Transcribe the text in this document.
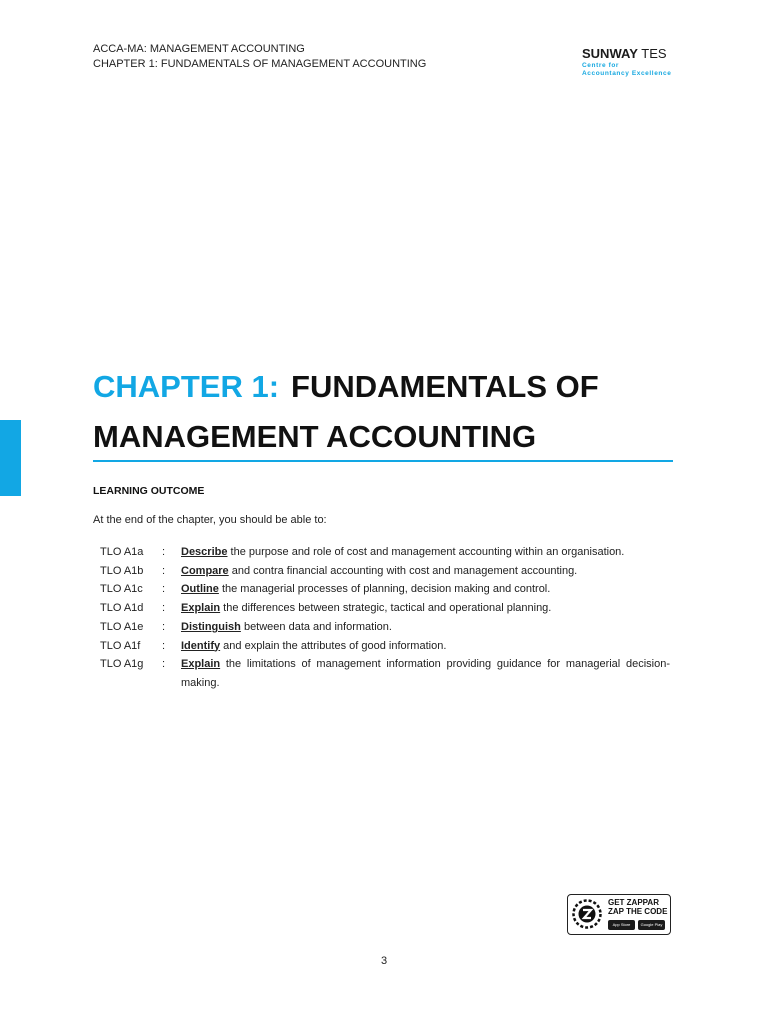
ACCA-MA: MANAGEMENT ACCOUNTING
CHAPTER 1: FUNDAMENTALS OF MANAGEMENT ACCOUNTING
SUNWAY TES
Centre for
Accountancy Excellence
CHAPTER 1: FUNDAMENTALS OF
MANAGEMENT ACCOUNTING
LEARNING OUTCOME
At the end of the chapter, you should be able to:
TLO A1a	:	Describe the purpose and role of cost and management accounting within an organisation.
TLO A1b	:	Compare and contra financial accounting with cost and management accounting.
TLO A1c	:	Outline the managerial processes of planning, decision making and control.
TLO A1d	:	Explain the differences between strategic, tactical and operational planning.
TLO A1e	:	Distinguish between data and information.
TLO A1f	:	Identify and explain the attributes of good information.
TLO A1g	:	Explain the limitations of management information providing guidance for managerial decision-making.
GET ZAPPAR
ZAP THE CODE
App Store	Google Play
3
